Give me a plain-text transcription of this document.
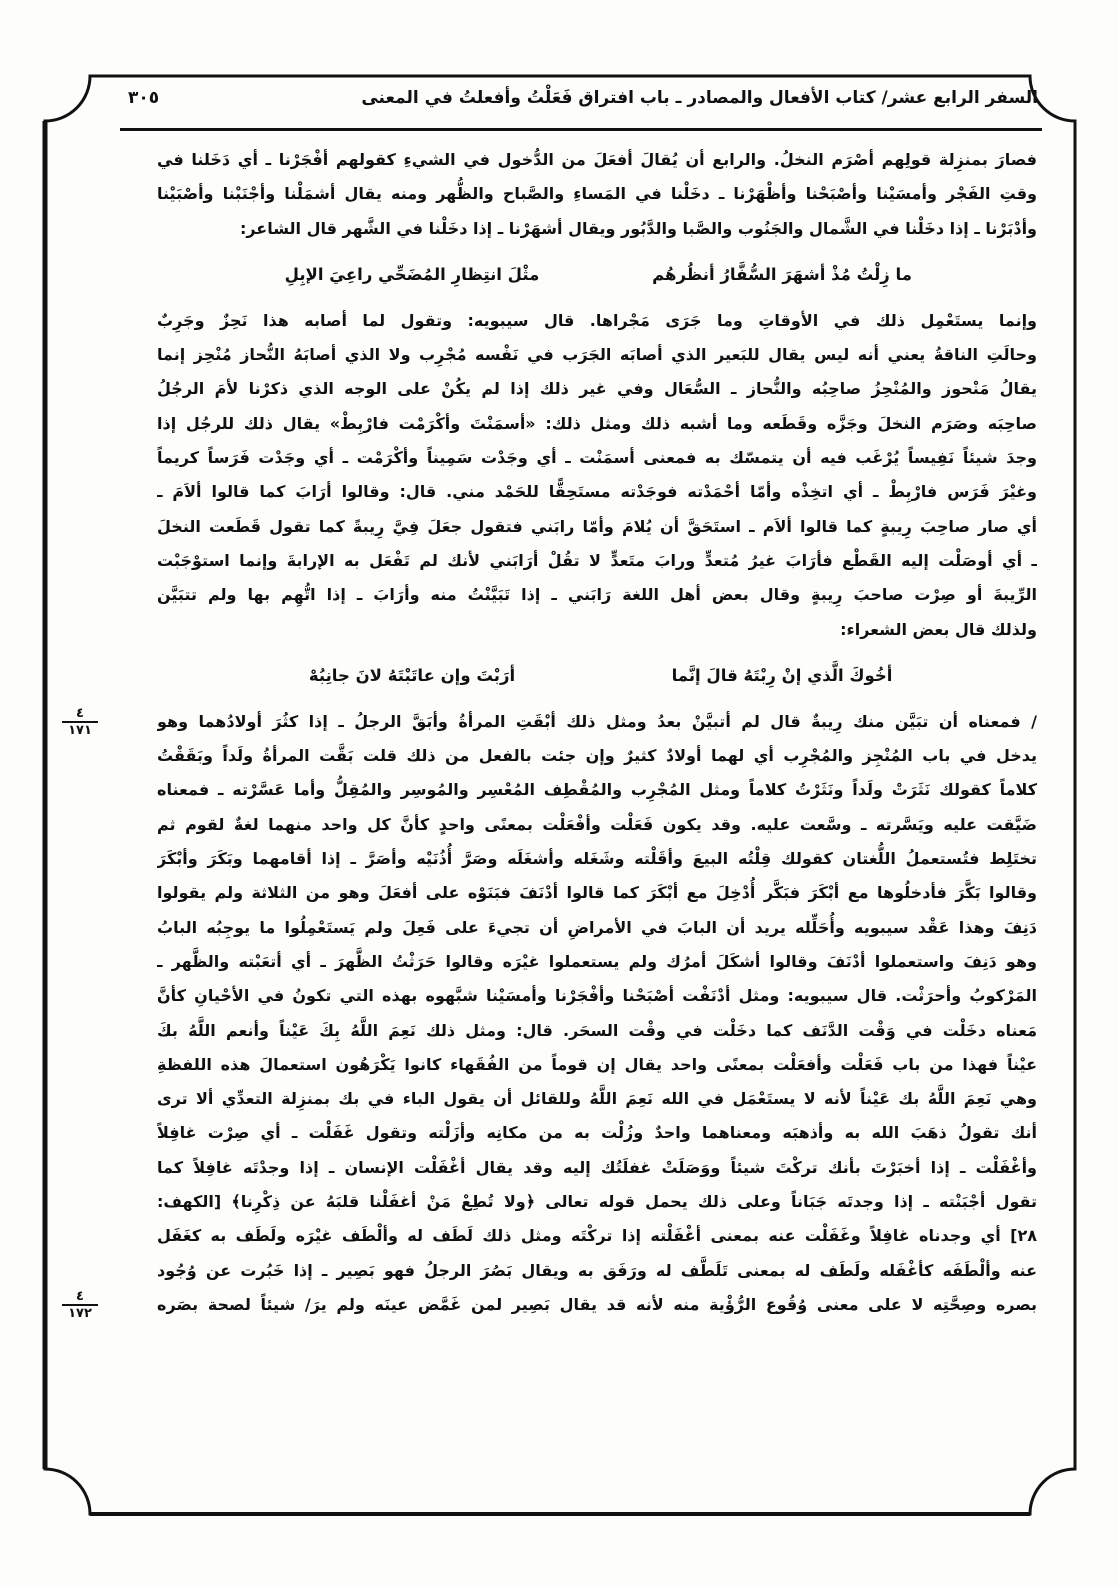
السفر الرابع عشر/ كتاب الأفعال والمصادر ـ باب افتراق فَعَلْتُ وأفعلتُ في المعنى
٣٠٥
فصارَ بمنزِلة قولِهم أصْرَم النخلُ. والرابع أن يُقالَ أفعَلَ من الدُّخول في الشيءِ كقولهم أفْجَرْنا ـ أي دَخَلنا في
وقتِ الفَجْر وأمسَيْنا وأصْبَحْنا وأظْهَرْنا ـ دخَلْنا في المَساءِ والصَّباح والظُّهر ومنه يقال أشمَلْنا وأجْنَبْنا وأصْبَيْنا
وأدْبَرْنا ـ إذا دخَلْنا في الشَّمال والجَنُوب والصَّبا والدَّبُور ويقال أشهَرْنا ـ إذا دخَلْنا في الشَّهر قال الشاعر:
ما زِلْتُ مُذْ أشهَرَ السُّفَّارُ أنظُرهُم
مثْلَ انتِظارِ المُضَحِّي راعِيَ الإبِلِ
وإنما يستَعْمِل ذلك في الأوقاتِ وما جَرَى مَجْراها. قال سيبويه: وتقول لما أصابه هذا نَحِزٌ وجَرِبٌ
وحالَتِ الناقةُ يعني أنه ليس يقال للبَعير الذي أصابَه الجَرَب في نَفْسه مُجْرِب ولا الذي أصابَهُ النُّحاز مُنْحِز إنما
يقالُ مَنْحوز والمُنْحِزُ صاحِبُه والنُّحاز ـ السُّعَال وفي غير ذلك إذا لم يكُنْ على الوجه الذي ذكرْنا لأمَ الرجُلُ
صاحِبَه وصَرَم النخلَ وجَزَّه وقَطَعه وما أشبه ذلك ومثل ذلك: «أسمَنْتَ وأكْرَمْت فارْبِطْ» يقال ذلك للرجُل إذا
وجدَ شيئاً نَفِيساً يُرْغَب فيه أن يتمسّك به فمعنى أسمَنْت ـ أي وجَدْت سَمِيناً وأكْرَمْت ـ أي وجَدْت فَرَساً كريماً
وغيْرَ فَرَس فارْبِطْ ـ أي اتخِذْه وأمّا أحْمَدْته فوجَدْته مستَحِقًّا للحَمْد مني. قال: وقالوا أرَابَ كما قالوا ألاَمَ ـ
أي صار صاحِبَ رِيبةٍ كما قالوا ألاَم ـ استَحَقَّ أن يُلامَ وأمّا رابَني فتقول جعَلَ فِيَّ رِيبةً كما تقول قَطَعت النخلَ
ـ أي أوصَلْت إليه القَطْع فأرَابَ غيرُ مُتعدٍّ ورابَ متَعدٍّ لا تقُلْ أرَابَني لأنك لم تَفْعَل به الإرابةَ وإنما استوْجَبْت
الرِّيبةَ أو صِرْت صاحبَ رِيبةٍ وقال بعض أهل اللغة رَابَني ـ إذا تَبَيَّنْتُ منه وأرَابَ ـ إذا اتُّهِم بها ولم تتبَيَّن
ولذلك قال بعض الشعراء:
أخُوكَ الَّذي إنْ رِبْتَهُ قالَ إنَّما
أرَبْتَ وإن عاتَبْتَهُ لانَ جانِبُهْ
/ فمعناه أن تبَيَّن منك رِيبةٌ قال لم أتبيَّنْ بعدُ ومثل ذلك أبْقَتِ المرأةُ وأبَقَّ الرجلُ ـ إذا كثُرَ أولادُهما وهو
يدخل في باب المُنْجِز والمُجْرِب أي لهما أولادٌ كثيرٌ وإن جئت بالفعل من ذلك قلت بَقَّت المرأةُ ولَداً وبَقَقْتُ
كلاماً كقولك نَثَرَتْ ولَداً ونَثَرْتُ كلاماً ومثل المُجْرِب والمُقْطِف المُعْسِر والمُوسِر والمُقِلُّ وأما عَسَّرْته ـ فمعناه
ضَيَّقت عليه ويَسَّرته ـ وسَّعت عليه. وقد يكون فَعَلْت وأفْعَلْت بمعنًى واحدٍ كأنَّ كل واحد منهما لغةٌ لقوم ثم
تختَلِط فتُستعملُ اللُّغتان كقولك قِلْتُه البيعَ وأقَلْته وشَغَله وأشغَلَه وصَرَّ أُذُنَيْه وأصَرَّ ـ إذا أقامهما وبَكَرَ وأبْكَرَ
وقالوا بَكَّرَ فأدخلُوها مع أبْكَرَ فبَكَّر أُدْخِلَ مع أبْكَرَ كما قالوا أدْنَفَ فبَنَوْه على أفعَلَ وهو من الثلاثة ولم يقولوا
دَنِفَ وهذا عَقْد سيبويه وأُحَلِّله يريد أن البابَ في الأمراضِ أن تجيءَ على فَعِلَ ولم يَستَعْمِلُوا ما يوجِبُه البابُ
وهو دَنِفَ واستعملوا أدْنَفَ وقالوا أشكَلَ أمرُك ولم يستعملوا غيْرَه وقالوا حَرَثْتُ الظَّهرَ ـ أي أتعَبْته والظَّهر ـ
المَرْكوبُ وأحرَثْت. قال سيبويه: ومثل أدْنَفْت أصْبَحْنا وأفْجَرْنا وأمسَيْنا شبَّهوه بهذه التي تكونُ في الأحْيانِ كأنَّ
مَعناه دخَلْت في وَقْت الدَّنَف كما دخَلْت في وقْت السحَر. قال: ومثل ذلك نَعِمَ اللَّهُ بِكَ عَيْناً وأنعم اللَّهُ بكَ
عيْناً فهذا من باب فَعَلْت وأفعَلْت بمعنًى واحد يقال إن قوماً من الفُقَهاء كانوا يَكْرَهُون استعمالَ هذه اللفظةِ
وهي نَعِمَ اللَّهُ بك عَيْناً لأنه لا يستَعْمَل في الله نَعِمَ اللَّهُ وللقائل أن يقول الباء في بك بمنزِلة التعدِّي ألا ترى
أنك تقولُ ذهَبَ الله به وأذهبَه ومعناهما واحدٌ وزُلْت به من مكانِه وأزَلْته وتقول غَفَلْت ـ أي صِرْت غافِلاً
وأغْفَلْت ـ إذا أخبَرْتَ بأنك تركْتَ شيئاً ووَصَلَتْ غفلَتُك إليه وقد يقال أغْفَلْت الإنسان ـ إذا وجدْتَه غافِلاً كما
تقول أجْبَنْته ـ إذا وجدتَه جَبَاناً وعلى ذلك يحمل قوله تعالى ﴿ولا تُطِعْ مَنْ أغفَلْنا قلبَهُ عن ذِكْرِنا﴾ [الكهف:
٢٨] أي وجدناه غافِلاً وغَفَلْت عنه بمعنى أغْفَلْته إذا تركْتَه ومثل ذلك لَطَف له وألْطَف غيْرَه ولَطَف به كغَفَل
عنه وألْطَفَه كأغْفَله ولَطَف له بمعنى تَلَطَّف له ورَفَق به ويقال بَصُرَ الرجلُ فهو بَصِير ـ إذا خَبُرت عن وُجُود
بصره وصِحَّتِه لا على معنى وُقُوع الرُّؤْية منه لأنه قد يقال بَصِير لمن غَمَّض عينَه ولم يرَ/ شيئاً لصحة بصَره
٤
١٧١
٤
١٧٢
